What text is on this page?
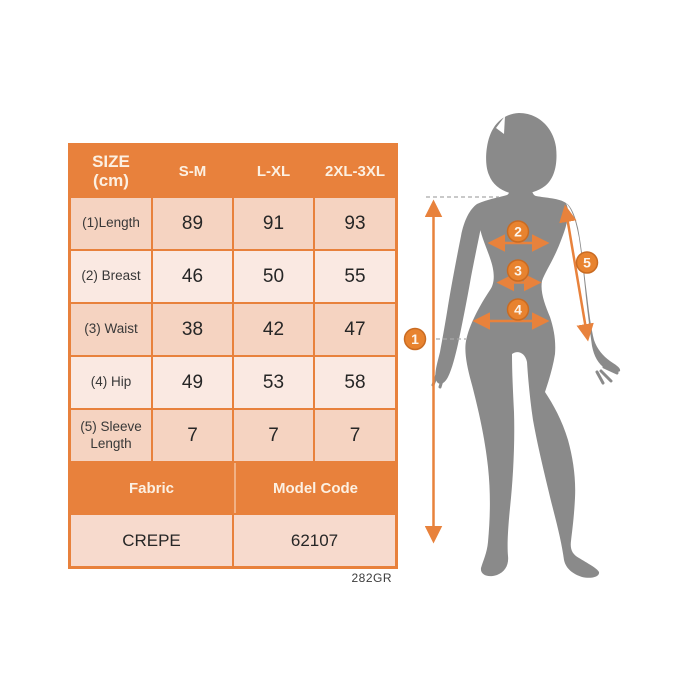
SIZE
(cm)	S-M	L-XL	2XL-3XL
(1)Length	89	91	93
(2) Breast	46	50	55
(3) Waist	38	42	47
(4) Hip	49	53	58
(5) Sleeve Length	7	7	7
Fabric	Model Code
CREPE	62107
282GR
1
2
3
4
5
